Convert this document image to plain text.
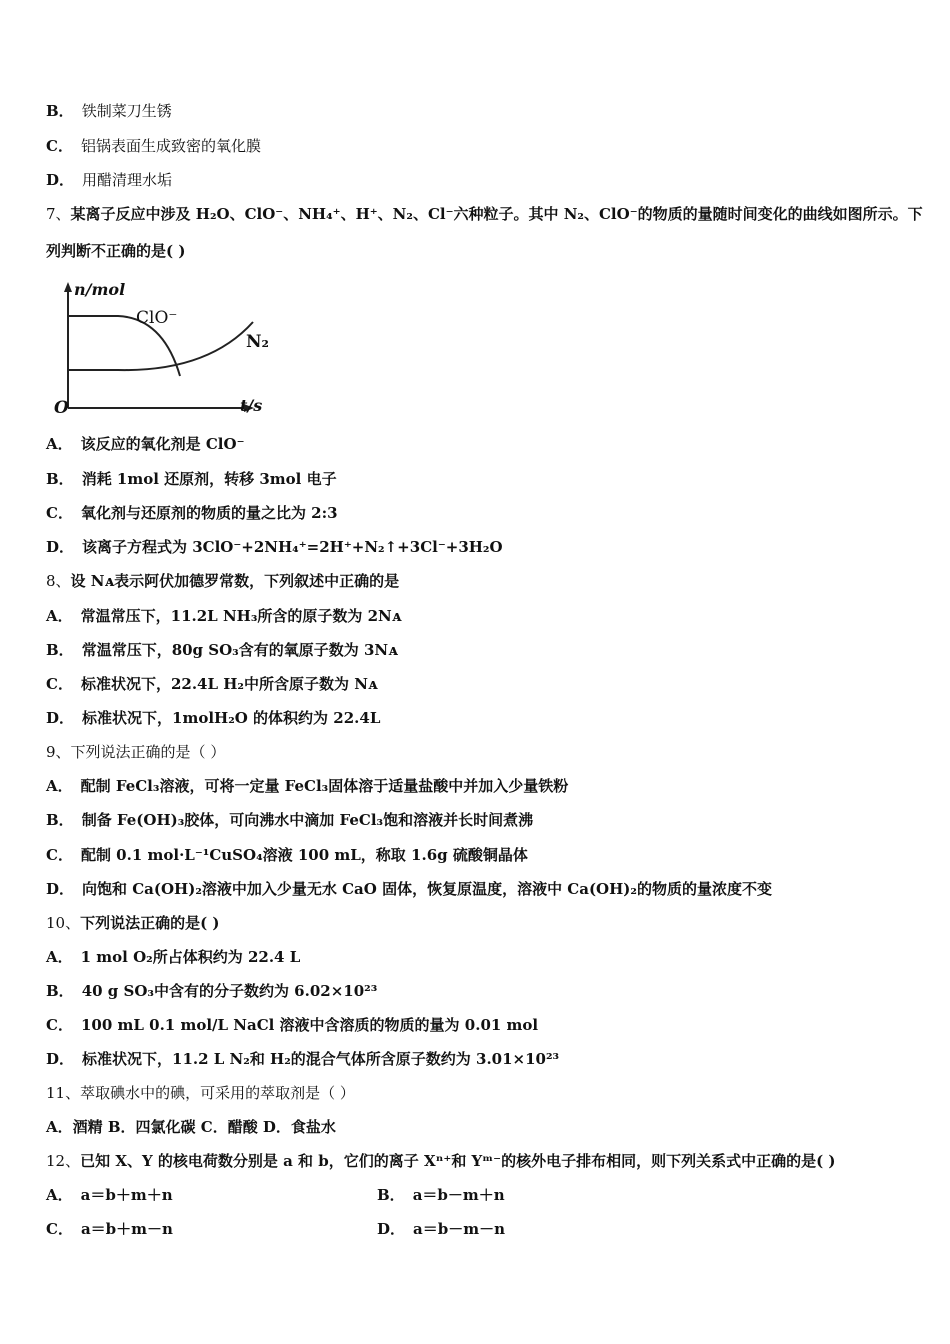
B． 铁制菜刀生锈
C． 铝锅表面生成致密的氧化膜
D． 用醋清理水垢
7、某离子反应中涉及 H₂O、ClO⁻、NH₄⁺、H⁺、N₂、Cl⁻六种粒子。其中 N₂、ClO⁻的物质的量随时间变化的曲线如图所示。下
列判断不正确的是( )
n/mol
ClO⁻
N₂
O	t/s
A． 该反应的氧化剂是 ClO⁻
B． 消耗 1mol 还原剂，转移 3mol 电子
C． 氧化剂与还原剂的物质的量之比为 2:3
D． 该离子方程式为 3ClO⁻+2NH₄⁺=2H⁺+N₂↑+3Cl⁻+3H₂O
8、设 Nᴀ表示阿伏加德罗常数，下列叙述中正确的是
A． 常温常压下，11.2L NH₃所含的原子数为 2Nᴀ
B． 常温常压下，80g SO₃含有的氧原子数为 3Nᴀ
C． 标准状况下，22.4L H₂中所含原子数为 Nᴀ
D． 标准状况下，1molH₂O 的体积约为 22.4L
9、下列说法正确的是（ ）
A． 配制 FeCl₃溶液，可将一定量 FeCl₃固体溶于适量盐酸中并加入少量铁粉
B． 制备 Fe(OH)₃胶体，可向沸水中滴加 FeCl₃饱和溶液并长时间煮沸
C． 配制 0.1 mol·L⁻¹CuSO₄溶液 100 mL，称取 1.6g 硫酸铜晶体
D． 向饱和 Ca(OH)₂溶液中加入少量无水 CaO 固体，恢复原温度，溶液中 Ca(OH)₂的物质的量浓度不变
10、下列说法正确的是( )
A． 1 mol O₂所占体积约为 22.4 L
B． 40 g SO₃中含有的分子数约为 6.02×10²³
C． 100 mL 0.1 mol/L NaCl 溶液中含溶质的物质的量为 0.01 mol
D． 标准状况下，11.2 L N₂和 H₂的混合气体所含原子数约为 3.01×10²³
11、萃取碘水中的碘，可采用的萃取剂是（ ）
A．酒精 B．四氯化碳 C．醋酸 D．食盐水
12、已知 X、Y 的核电荷数分别是 a 和 b，它们的离子 Xⁿ⁺和 Yᵐ⁻的核外电子排布相同，则下列关系式中正确的是( )
A． a＝b＋m＋n	B． a＝b－m＋n
C． a＝b＋m－n	D． a＝b－m－n
